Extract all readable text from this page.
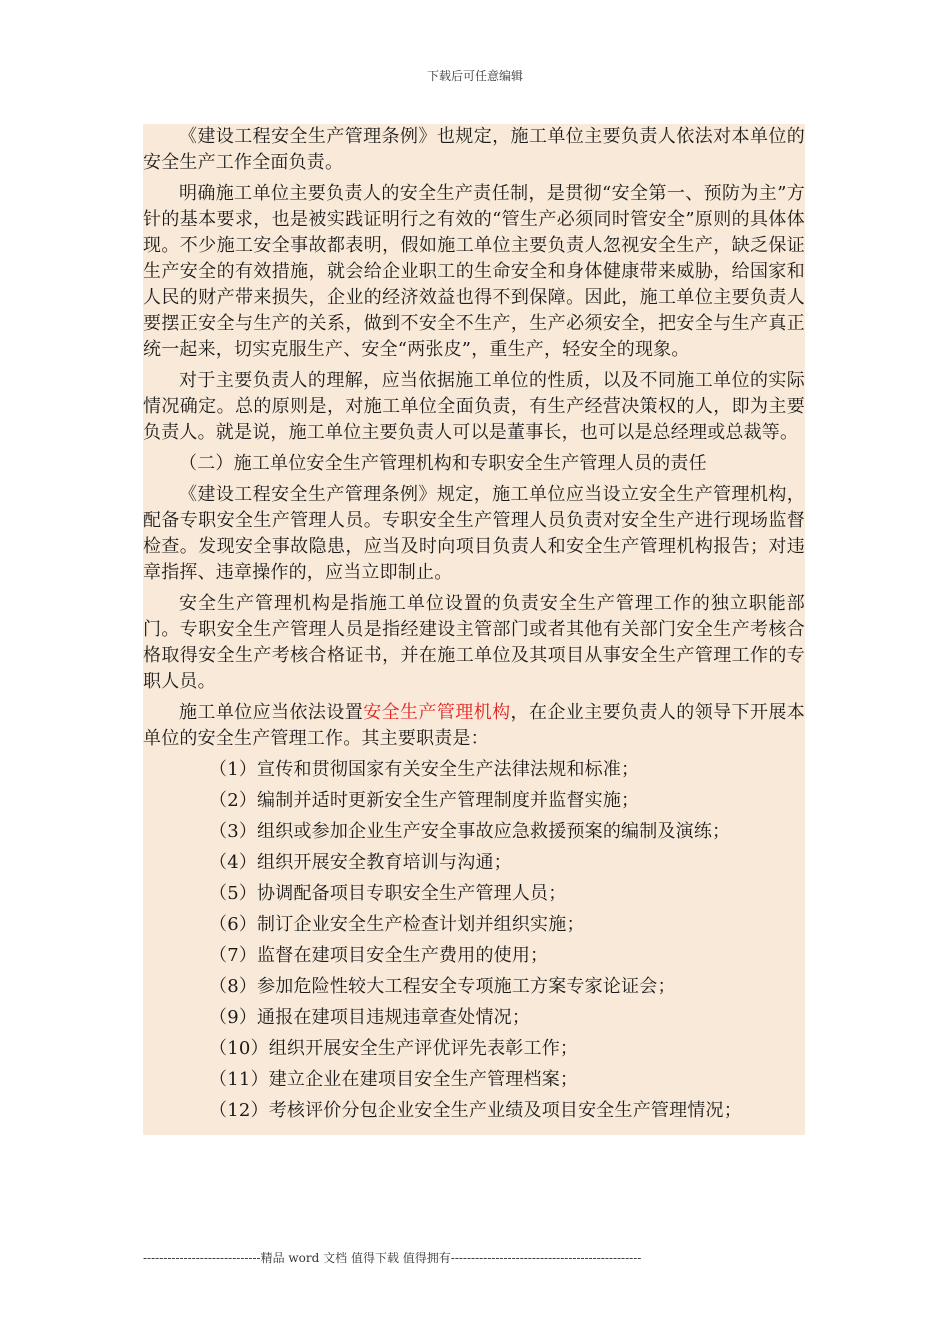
下载后可任意编辑

《建设工程安全生产管理条例》也规定，施工单位主要负责人依法对本单位的安全生产工作全面负责。

明确施工单位主要负责人的安全生产责任制，是贯彻“安全第一、预防为主”方针的基本要求，也是被实践证明行之有效的“管生产必须同时管安全”原则的具体体现。不少施工安全事故都表明，假如施工单位主要负责人忽视安全生产，缺乏保证生产安全的有效措施，就会给企业职工的生命安全和身体健康带来威胁，给国家和人民的财产带来损失，企业的经济效益也得不到保障。因此，施工单位主要负责人要摆正安全与生产的关系，做到不安全不生产，生产必须安全，把安全与生产真正统一起来，切实克服生产、安全“两张皮”，重生产，轻安全的现象。

对于主要负责人的理解，应当依据施工单位的性质，以及不同施工单位的实际情况确定。总的原则是，对施工单位全面负责，有生产经营决策权的人，即为主要负责人。就是说，施工单位主要负责人可以是董事长，也可以是总经理或总裁等。

（二）施工单位安全生产管理机构和专职安全生产管理人员的责任

《建设工程安全生产管理条例》规定，施工单位应当设立安全生产管理机构，配备专职安全生产管理人员。专职安全生产管理人员负责对安全生产进行现场监督检查。发现安全事故隐患，应当及时向项目负责人和安全生产管理机构报告；对违章指挥、违章操作的，应当立即制止。

安全生产管理机构是指施工单位设置的负责安全生产管理工作的独立职能部门。专职安全生产管理人员是指经建设主管部门或者其他有关部门安全生产考核合格取得安全生产考核合格证书，并在施工单位及其项目从事安全生产管理工作的专职人员。

施工单位应当依法设置安全生产管理机构，在企业主要负责人的领导下开展本单位的安全生产管理工作。其主要职责是：

（1）宣传和贯彻国家有关安全生产法律法规和标准；

（2）编制并适时更新安全生产管理制度并监督实施；

（3）组织或参加企业生产安全事故应急救援预案的编制及演练；

（4）组织开展安全教育培训与沟通；

（5）协调配备项目专职安全生产管理人员；

（6）制订企业安全生产检查计划并组织实施；

（7）监督在建项目安全生产费用的使用；

（8）参加危险性较大工程安全专项施工方案专家论证会；

（9）通报在建项目违规违章查处情况；

（10）组织开展安全生产评优评先表彰工作；

（11）建立企业在建项目安全生产管理档案；

（12）考核评价分包企业安全生产业绩及项目安全生产管理情况；

-----------------------------精品 word 文档 值得下载 值得拥有-----------------------------------------------
